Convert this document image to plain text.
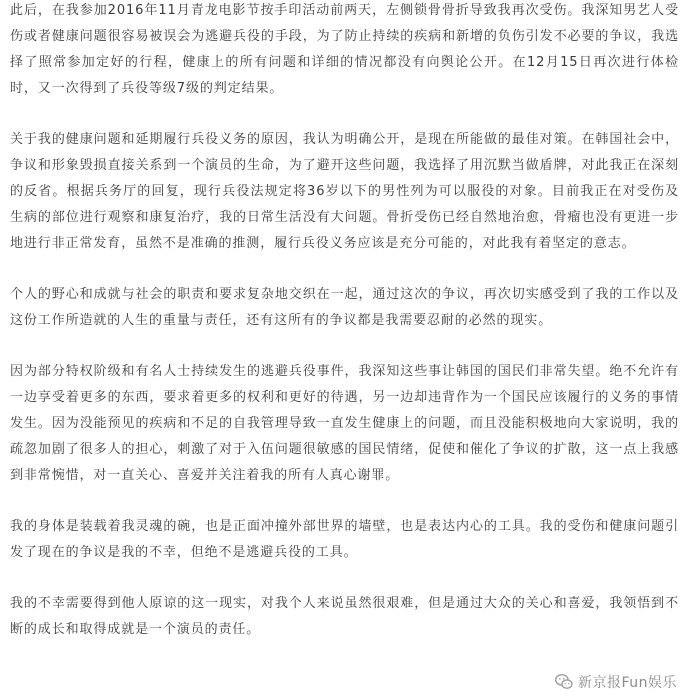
此后，在我参加2016年11月青龙电影节按手印活动前两天，左侧锁骨骨折导致我再次受伤。我深知男艺人受伤或者健康问题很容易被误会为逃避兵役的手段，为了防止持续的疾病和新增的负伤引发不必要的争议，我选择了照常参加定好的行程，健康上的所有问题和详细的情况都没有向舆论公开。在12月15日再次进行体检时，又一次得到了兵役等级7级的判定结果。

关于我的健康问题和延期履行兵役义务的原因，我认为明确公开，是现在所能做的最佳对策。在韩国社会中，争议和形象毁损直接关系到一个演员的生命，为了避开这些问题，我选择了用沉默当做盾牌，对此我正在深刻的反省。根据兵务厅的回复，现行兵役法规定将36岁以下的男性列为可以服役的对象。目前我正在对受伤及生病的部位进行观察和康复治疗，我的日常生活没有大问题。骨折受伤已经自然地治愈，骨瘤也没有更进一步地进行非正常发育，虽然不是准确的推测，履行兵役义务应该是充分可能的，对此我有着坚定的意志。

个人的野心和成就与社会的职责和要求复杂地交织在一起，通过这次的争议，再次切实感受到了我的工作以及这份工作所造就的人生的重量与责任，还有这所有的争议都是我需要忍耐的必然的现实。

因为部分特权阶级和有名人士持续发生的逃避兵役事件，我深知这些事让韩国的国民们非常失望。绝不允许有一边享受着更多的东西，要求着更多的权利和更好的待遇，另一边却违背作为一个国民应该履行的义务的事情发生。因为没能预见的疾病和不足的自我管理导致一直发生健康上的问题，而且没能积极地向大家说明，我的疏忽加剧了很多人的担心，刺激了对于入伍问题很敏感的国民情绪，促使和催化了争议的扩散，这一点上我感到非常惋惜，对一直关心、喜爱并关注着我的所有人真心谢罪。

我的身体是装载着我灵魂的碗，也是正面冲撞外部世界的墙壁，也是表达内心的工具。我的受伤和健康问题引发了现在的争议是我的不幸，但绝不是逃避兵役的工具。

我的不幸需要得到他人原谅的这一现实，对我个人来说虽然很艰难，但是通过大众的关心和喜爱，我领悟到不断的成长和取得成就是一个演员的责任。

新京报Fun娱乐
